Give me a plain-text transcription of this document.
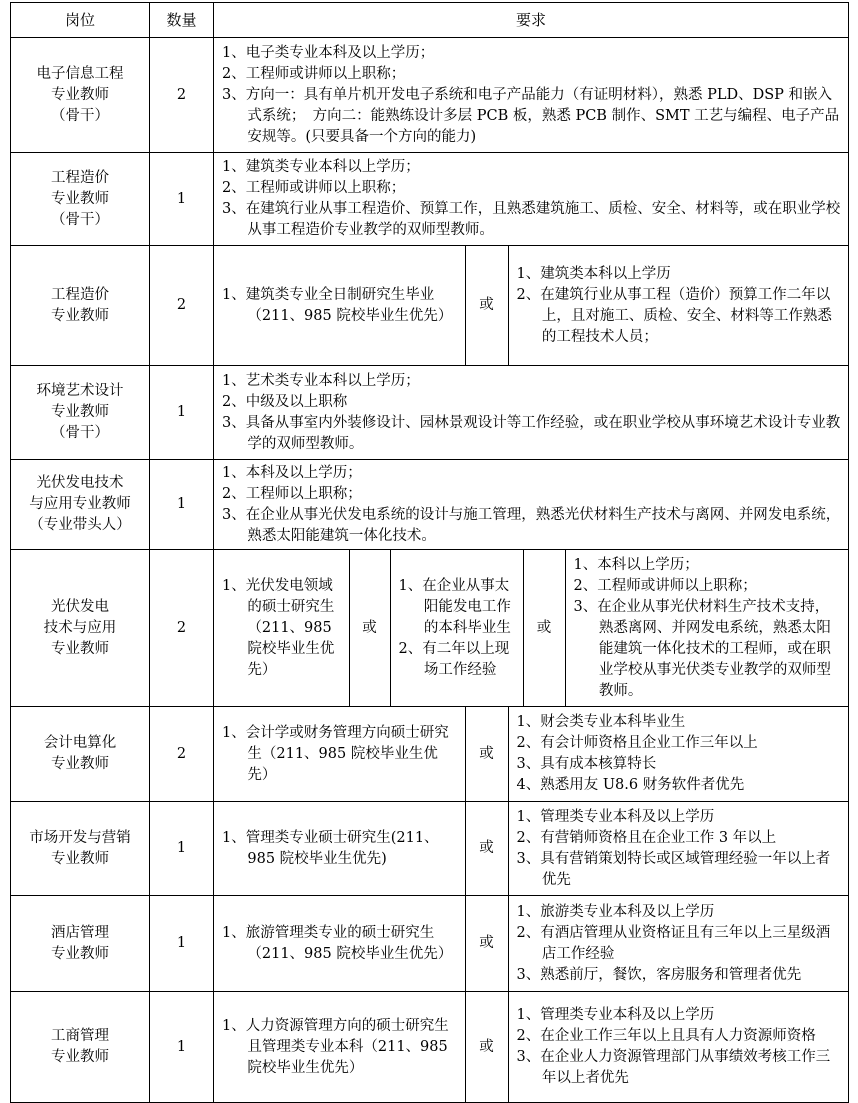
岗位	数量	要求

电子信息工程
专业教师
（骨干）
	2	
1、电子类专业本科及以上学历；
2、工程师或讲师以上职称；
3、方向一：具有单片机开发电子系统和电子产品能力（有证明材料），熟悉 PLD、DSP 和嵌入式系统；　方向二：能熟练设计多层 PCB 板，熟悉 PCB 制作、SMT 工艺与编程、电子产品安规等。(只要具备一个方向的能力)

工程造价
专业教师
（骨干）
	1	
1、建筑类专业本科以上学历；
2、工程师或讲师以上职称；
3、在建筑行业从事工程造价、预算工作，且熟悉建筑施工、质检、安全、材料等，或在职业学校从事工程造价专业教学的双师型教师。

工程造价
专业教师
	2	
1、建筑类专业全日制研究生毕业（211、985 院校毕业生优先）
	或	
1、建筑类本科以上学历
2、在建筑行业从事工程（造价）预算工作二年以上，且对施工、质检、安全、材料等工作熟悉的工程技术人员；

环境艺术设计
专业教师
（骨干）
	1	
1、艺术类专业本科以上学历；
2、中级及以上职称
3、具备从事室内外装修设计、园林景观设计等工作经验，或在职业学校从事环境艺术设计专业教学的双师型教师。

光伏发电技术
与应用专业教师
（专业带头人）
	1	
1、本科及以上学历；
2、工程师以上职称；
3、在企业从事光伏发电系统的设计与施工管理，熟悉光伏材料生产技术与离网、并网发电系统，熟悉太阳能建筑一体化技术。

光伏发电
技术与应用
专业教师
	2	
1、光伏发电领域的硕士研究生（211、985 院校毕业生优先）
	或	
1、在企业从事太阳能发电工作的本科毕业生
2、有二年以上现场工作经验
	或	
1、本科以上学历；
2、工程师或讲师以上职称；
3、在企业从事光伏材料生产技术支持，熟悉离网、并网发电系统，熟悉太阳能建筑一体化技术的工程师，或在职业学校从事光伏类专业教学的双师型教师。

会计电算化
专业教师
	2	
1、会计学或财务管理方向硕士研究生（211、985 院校毕业生优先）
	或	
1、财会类专业本科毕业生
2、有会计师资格且企业工作三年以上
3、具有成本核算特长
4、熟悉用友 U8.6 财务软件者优先

市场开发与营销
专业教师
	1	
1、管理类专业硕士研究生(211、985 院校毕业生优先)
	或	
1、管理类专业本科及以上学历
2、有营销师资格且在企业工作 3 年以上
3、具有营销策划特长或区域管理经验一年以上者优先

酒店管理
专业教师
	1	
1、旅游管理类专业的硕士研究生（211、985 院校毕业生优先）
	或	
1、旅游类专业本科及以上学历
2、有酒店管理从业资格证且有三年以上三星级酒店工作经验
3、熟悉前厅，餐饮，客房服务和管理者优先

工商管理
专业教师
	1	
1、人力资源管理方向的硕士研究生且管理类专业本科（211、985 院校毕业生优先）
	或	
1、管理类专业本科及以上学历
2、在企业工作三年以上且具有人力资源师资格
3、在企业人力资源管理部门从事绩效考核工作三年以上者优先
